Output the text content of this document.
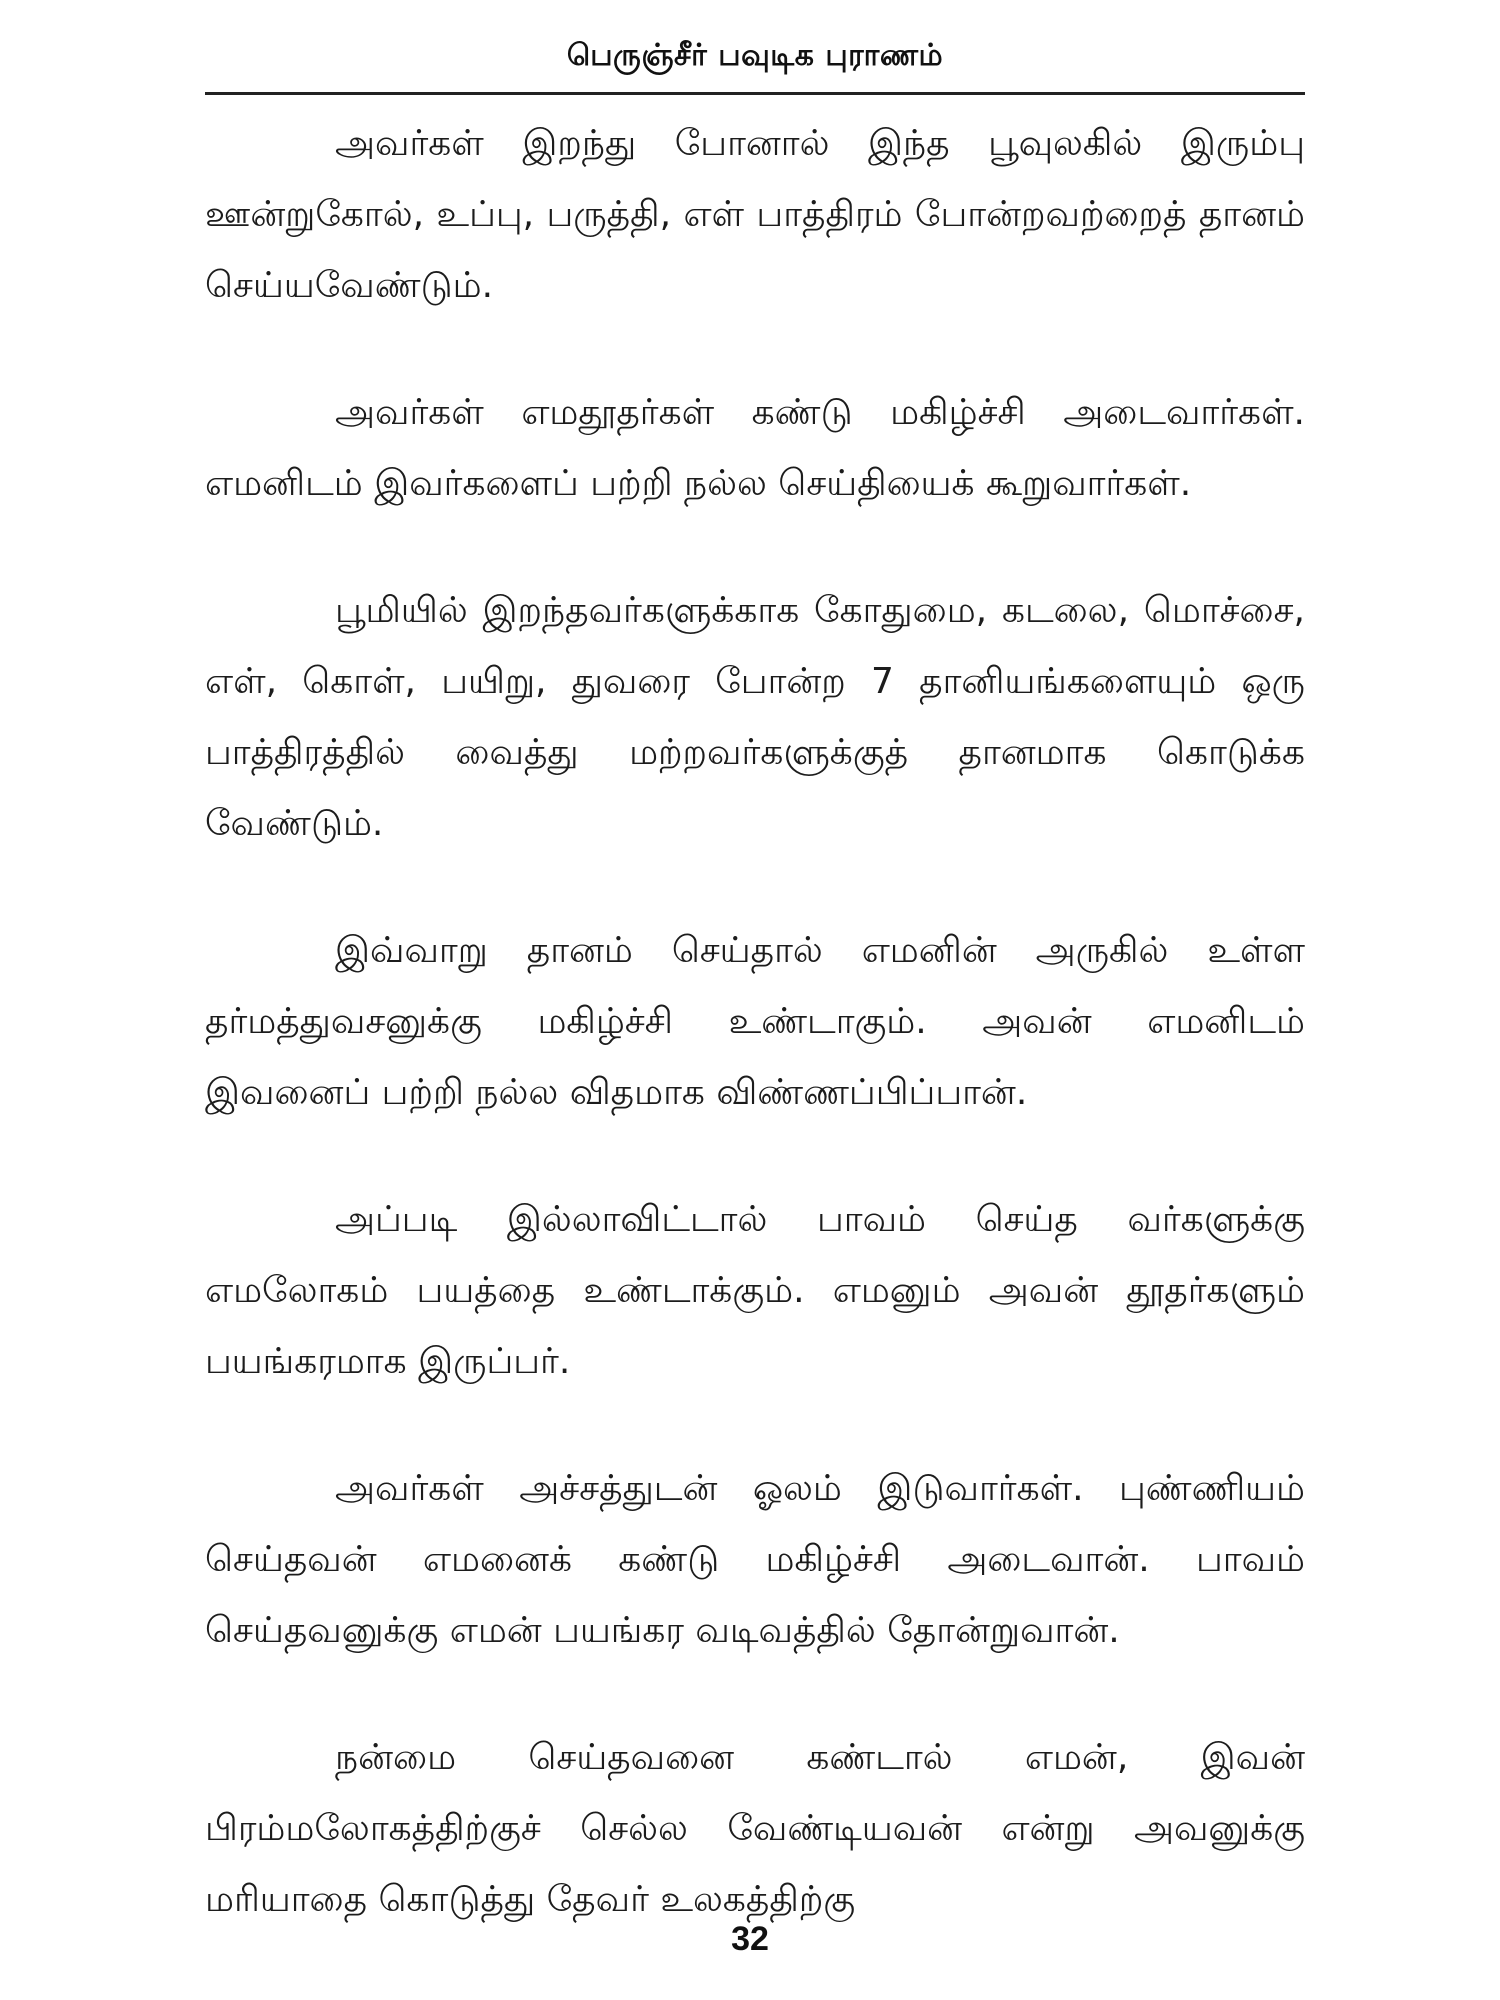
பெருஞ்சீர் பவுடிக புராணம்

அவர்கள் இறந்து போனால் இந்த பூவுலகில் இரும்பு ஊன்றுகோல், உப்பு, பருத்தி, எள் பாத்திரம் போன்றவற்றைத் தானம் செய்யவேண்டும்.

அவர்கள் எமதூதர்கள் கண்டு மகிழ்ச்சி அடைவார்கள். எமனிடம் இவர்களைப் பற்றி நல்ல செய்தியைக் கூறுவார்கள்.

பூமியில் இறந்தவர்களுக்காக கோதுமை, கடலை, மொச்சை, எள், கொள், பயிறு, துவரை போன்ற 7 தானியங்களையும் ஒரு பாத்திரத்தில் வைத்து மற்றவர்களுக்குத் தானமாக கொடுக்க வேண்டும்.

இவ்வாறு தானம் செய்தால் எமனின் அருகில் உள்ள தர்மத்துவசனுக்கு மகிழ்ச்சி உண்டாகும். அவன் எமனிடம் இவனைப் பற்றி நல்ல விதமாக விண்ணப்பிப்பான்.

அப்படி இல்லாவிட்டால் பாவம் செய்த வர்களுக்கு எமலோகம் பயத்தை உண்டாக்கும். எமனும் அவன் தூதர்களும் பயங்கரமாக இருப்பர்.

அவர்கள் அச்சத்துடன் ஓலம் இடுவார்கள். புண்ணியம் செய்தவன் எமனைக் கண்டு மகிழ்ச்சி அடைவான். பாவம் செய்தவனுக்கு எமன் பயங்கர வடிவத்தில் தோன்றுவான்.

நன்மை செய்தவனை கண்டால் எமன், இவன் பிரம்மலோகத்திற்குச் செல்ல வேண்டியவன் என்று அவனுக்கு மரியாதை கொடுத்து தேவர் உலகத்திற்கு

32
